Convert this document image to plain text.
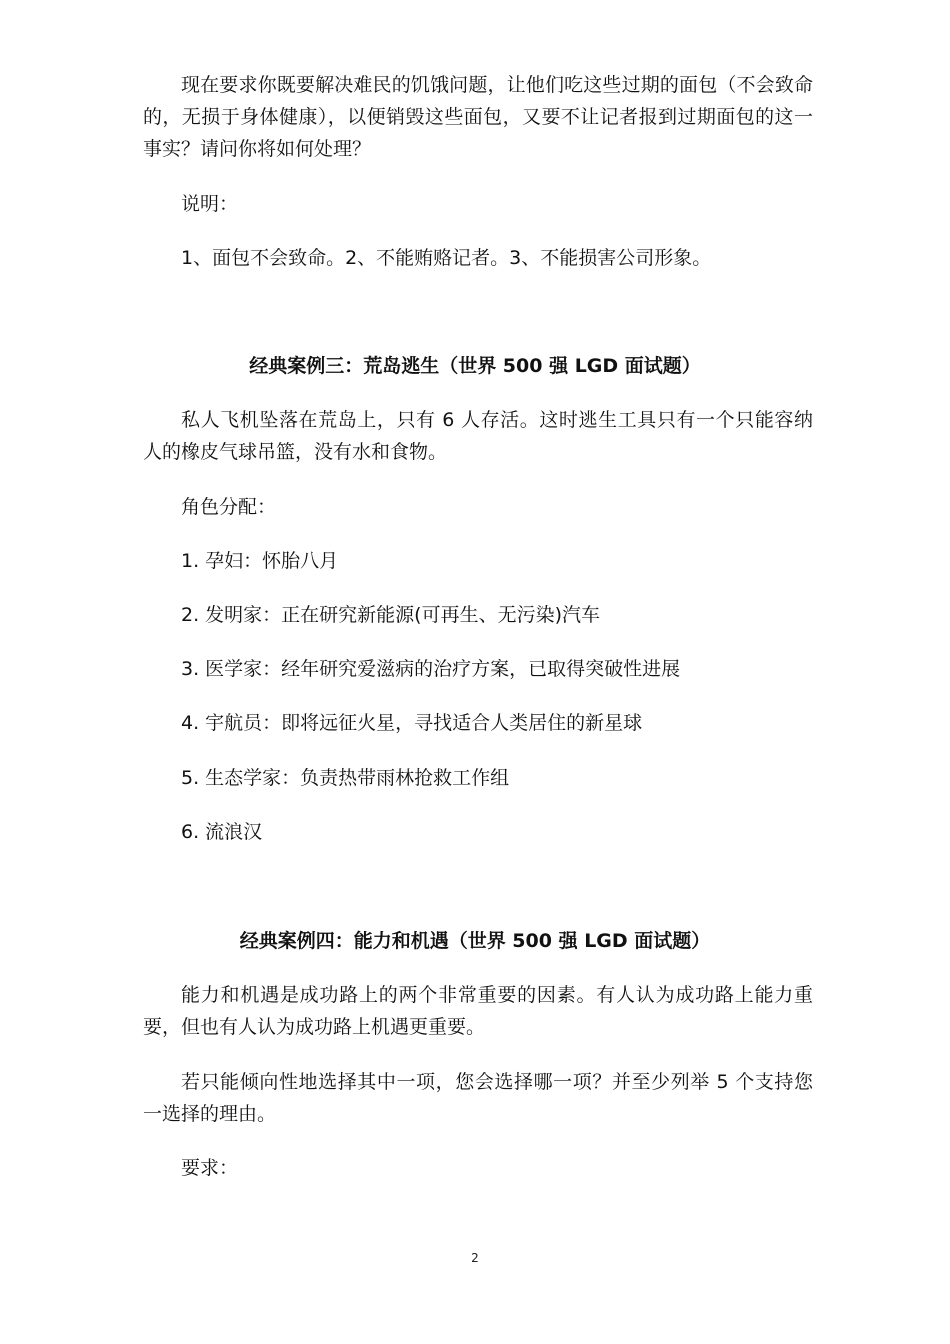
现在要求你既要解决难民的饥饿问题，让他们吃这些过期的面包（不会致命
的，无损于身体健康），以便销毁这些面包，又要不让记者报到过期面包的这一
事实？请问你将如何处理？
说明：
1、面包不会致命。2、不能贿赂记者。3、不能损害公司形象。
经典案例三：荒岛逃生（世界 500 强 LGD 面试题）
私人飞机坠落在荒岛上，只有 6 人存活。这时逃生工具只有一个只能容纳
人的橡皮气球吊篮，没有水和食物。
角色分配：
1. 孕妇：怀胎八月
2. 发明家：正在研究新能源(可再生、无污染)汽车
3. 医学家：经年研究爱滋病的治疗方案，已取得突破性进展
4. 宇航员：即将远征火星，寻找适合人类居住的新星球
5. 生态学家：负责热带雨林抢救工作组
6. 流浪汉
经典案例四：能力和机遇（世界 500 强 LGD 面试题）
能力和机遇是成功路上的两个非常重要的因素。有人认为成功路上能力重
要，但也有人认为成功路上机遇更重要。
若只能倾向性地选择其中一项，您会选择哪一项？并至少列举 5 个支持您
一选择的理由。
要求：
2
